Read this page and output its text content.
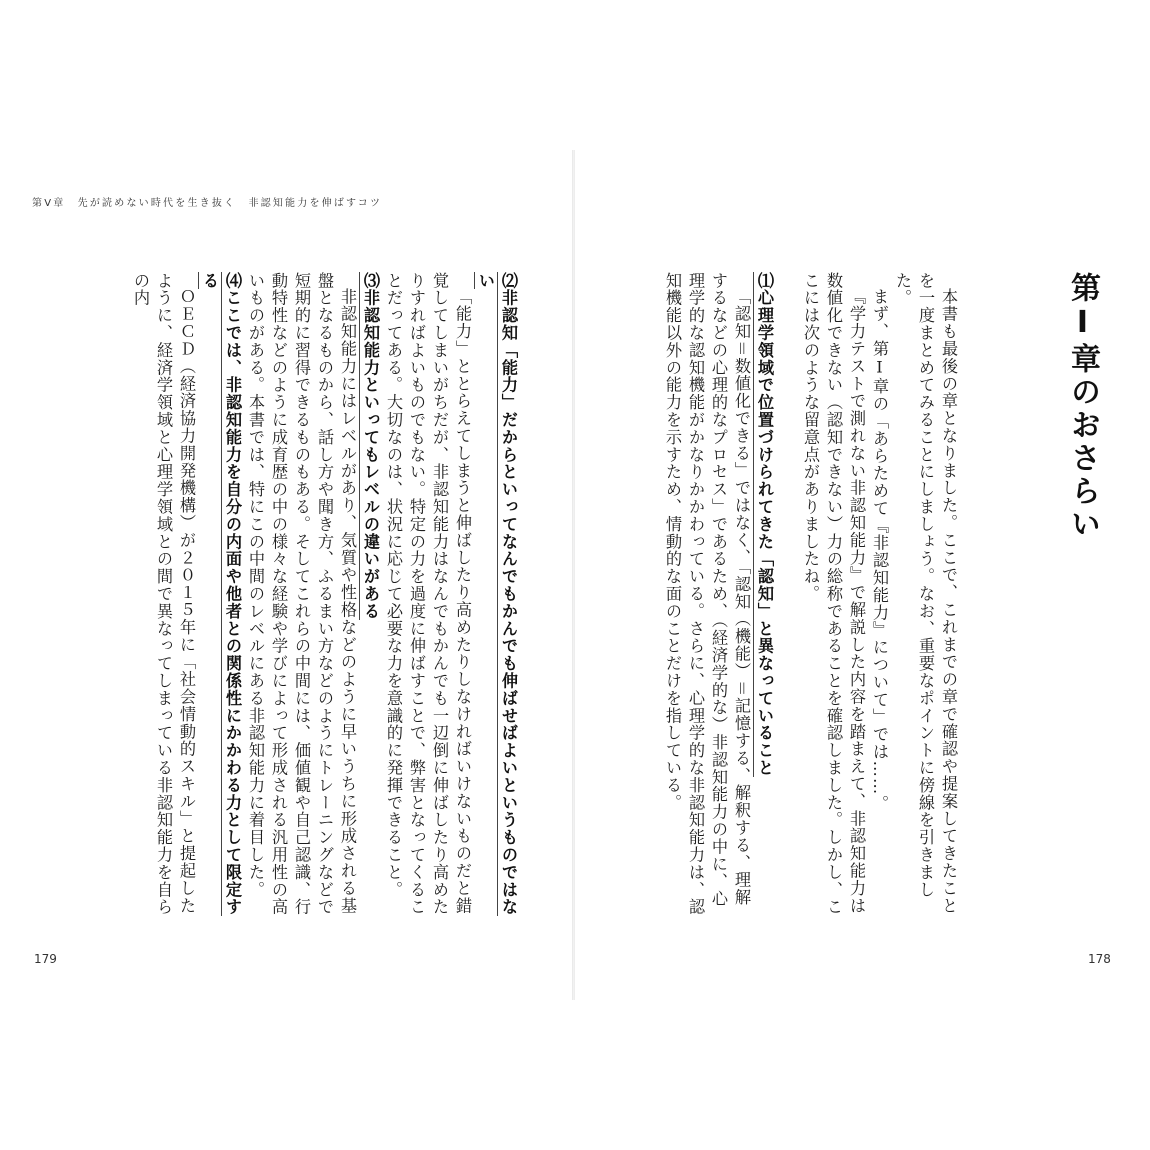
第V章　先が読めない時代を生き抜く　非認知能力を伸ばすコツ
第Ⅰ章のおさらい

本書も最後の章となりました。ここで、これまでの章で確認や提案してきたことを一度まとめてみることにしましょう。なお、重要なポイントに傍線を引きました。

まず、第Ⅰ章の「あらためて『非認知能力』について」では……。

『学力テストで測れない非認知能力』で解説した内容を踏まえて、非認知能力は数値化できない（認知できない）力の総称であることを確認しました。しかし、ここには次のような留意点がありましたね。

⑴心理学領域で位置づけられてきた「認知」と異なっていること

「認知＝数値化できる」ではなく、「認知（機能）＝記憶する、解釈する、理解するなどの心理的なプロセス」であるため、（経済学的な）非認知能力の中に、心理学的な認知機能がかなりかかわっている。さらに、心理学的な非認知能力は、認知機能以外の能力を示すため、情動的な面のことだけを指している。

178

⑵非認知「能力」だからといってなんでもかんでも伸ばせばよいというものではない

「能力」ととらえてしまうと伸ばしたり高めたりしなければいけないものだと錯覚してしまいがちだが、非認知能力はなんでもかんでも一辺倒に伸ばしたり高めたりすればよいものでもない。特定の力を過度に伸ばすことで、弊害となってくることだってある。大切なのは、状況に応じて必要な力を意識的に発揮できること。

⑶非認知能力といってもレベルの違いがある

非認知能力にはレベルがあり、気質や性格などのように早いうちに形成される基盤となるものから、話し方や聞き方、ふるまい方などのようにトレーニングなどで短期的に習得できるものもある。そしてこれらの中間には、価値観や自己認識、行動特性などのように成育歴の中の様々な経験や学びによって形成される汎用性の高いものがある。本書では、特にこの中間のレベルにある非認知能力に着目した。

⑷ここでは、非認知能力を自分の内面や他者との関係性にかかわる力として限定する

ＯＥＣＤ（経済協力開発機構）が２０１５年に「社会情動的スキル」と提起したように、経済学領域と心理学領域との間で異なってしまっている非認知能力を自らの内

179
